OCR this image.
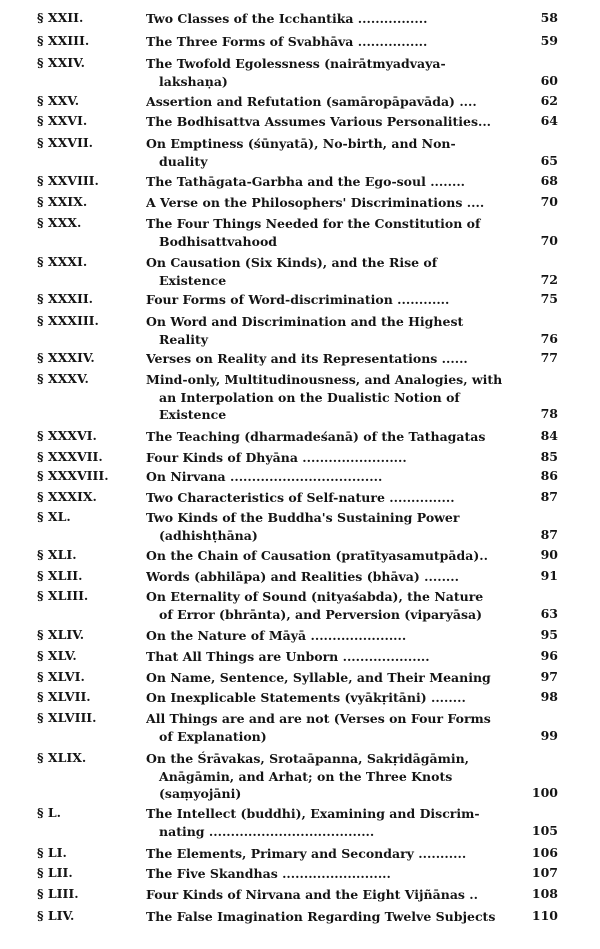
§ XXII.	Two Classes of the Icchantika ................	58
§ XXIII.	The Three Forms of Svabhāva ................	59
§ XXIV.	The Twofold Egolessness (nairātmyadvaya-
lakshaṇa)	60
§ XXV.	Assertion and Refutation (samāropāpavāda) ....	62
§ XXVI.	The Bodhisattva Assumes Various Personalities...	64
§ XXVII.	On Emptiness (śūnyatā), No-birth, and Non-
duality	65
§ XXVIII.	The Tathāgata-Garbha and the Ego-soul ........	68
§ XXIX.	A Verse on the Philosophers' Discriminations ....	70
§ XXX.	The Four Things Needed for the Constitution of
Bodhisattvahood	70
§ XXXI.	On Causation (Six Kinds), and the Rise of
Existence	72
§ XXXII.	Four Forms of Word-discrimination ............	75
§ XXXIII.	On Word and Discrimination and the Highest
Reality	76
§ XXXIV.	Verses on Reality and its Representations ......	77
§ XXXV.	Mind-only, Multitudinousness, and Analogies, with
an Interpolation on the Dualistic Notion of
Existence	78
§ XXXVI.	The Teaching (dharmadeśanā) of the Tathagatas	84
§ XXXVII.	Four Kinds of Dhyāna ........................	85
§ XXXVIII.	On Nirvana ...................................	86
§ XXXIX.	Two Characteristics of Self-nature ...............	87
§ XL.	Two Kinds of the Buddha's Sustaining Power
(adhishṭhāna)	87
§ XLI.	On the Chain of Causation (pratītyasamutpāda)..	90
§ XLII.	Words (abhilāpa) and Realities (bhāva) ........	91
§ XLIII.	On Eternality of Sound (nityaśabda), the Nature
of Error (bhrānta), and Perversion (viparyāsa)	63
§ XLIV.	On the Nature of Māyā ......................	95
§ XLV.	That All Things are Unborn ....................	96
§ XLVI.	On Name, Sentence, Syllable, and Their Meaning	97
§ XLVII.	On Inexplicable Statements (vyākṛitāni) ........	98
§ XLVIII.	All Things are and are not (Verses on Four Forms
of Explanation)	99
§ XLIX.	On the Śrāvakas, Srotaāpanna, Sakṛidāgāmin,
Anāgāmin, and Arhat; on the Three Knots
(saṃyojāni)	100
§ L.	The Intellect (buddhi), Examining and Discrim-
nating ......................................	105
§ LI.	The Elements, Primary and Secondary ...........	106
§ LII.	The Five Skandhas .........................	107
§ LIII.	Four Kinds of Nirvana and the Eight Vijñānas ..	108
§ LIV.	The False Imagination Regarding Twelve Subjects	110
